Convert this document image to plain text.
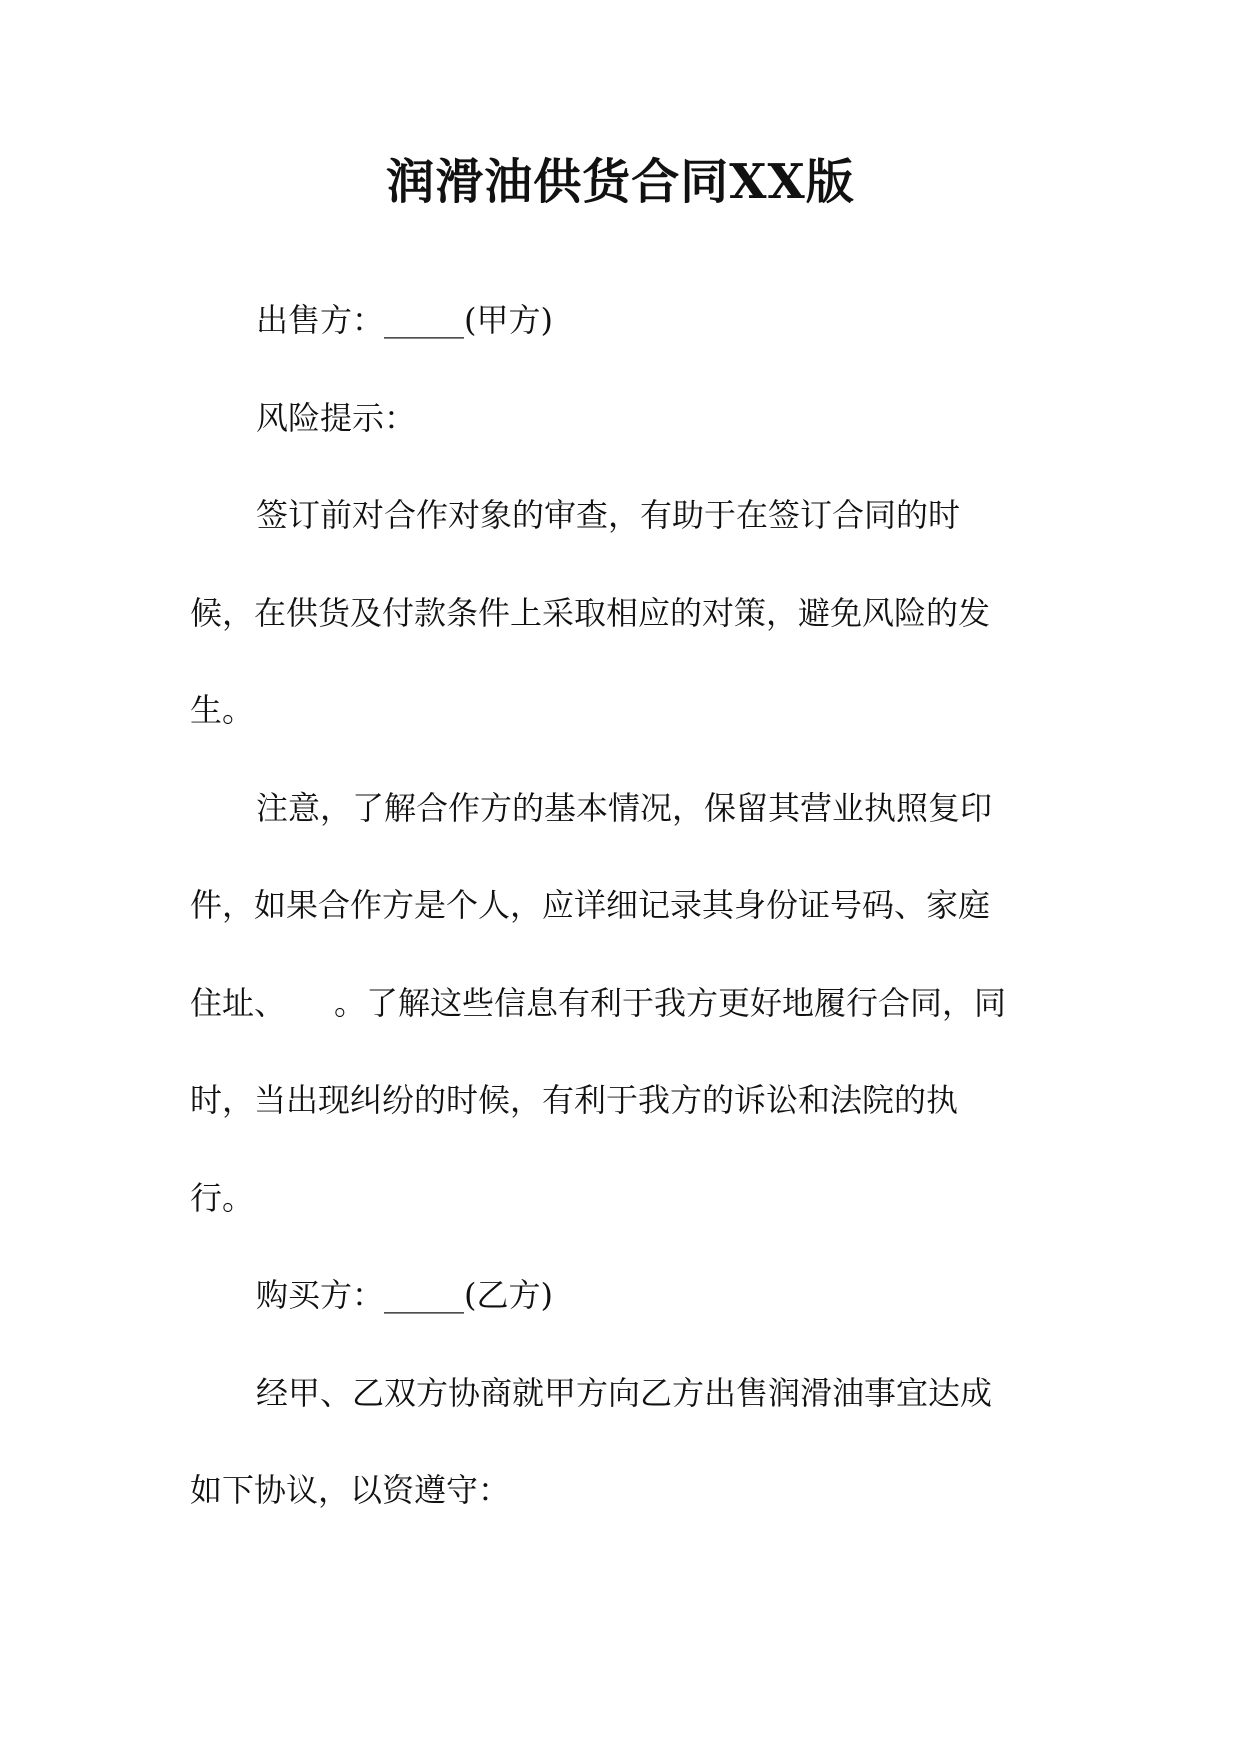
润滑油供货合同XX版
出售方：_____(甲方)
风险提示：
签订前对合作对象的审查，有助于在签订合同的时
候，在供货及付款条件上采取相应的对策，避免风险的发
生。
注意，了解合作方的基本情况，保留其营业执照复印
件，如果合作方是个人，应详细记录其身份证号码、家庭
住址、　　。了解这些信息有利于我方更好地履行合同，同
时，当出现纠纷的时候，有利于我方的诉讼和法院的执
行。
购买方：_____(乙方)
经甲、乙双方协商就甲方向乙方出售润滑油事宜达成
如下协议，以资遵守：
